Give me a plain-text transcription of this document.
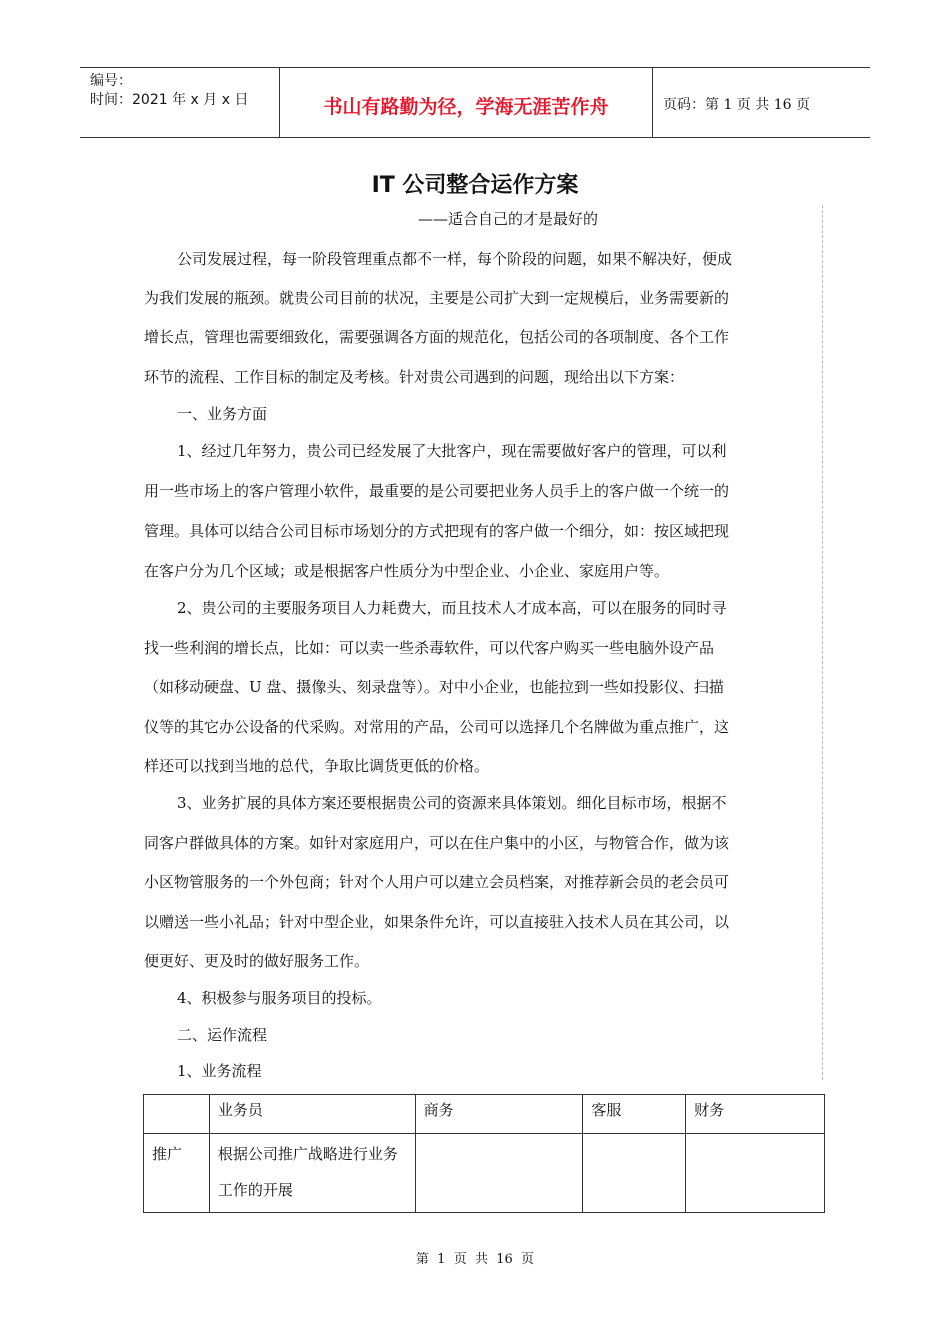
编号：
时间：2021 年 x 月 x 日	书山有路勤为径，学海无涯苦作舟	页码：第 1 页 共 16 页
IT 公司整合运作方案
——适合自己的才是最好的
公司发展过程，每一阶段管理重点都不一样，每个阶段的问题，如果不解决好，便成
为我们发展的瓶颈。就贵公司目前的状况，主要是公司扩大到一定规模后，业务需要新的
增长点，管理也需要细致化，需要强调各方面的规范化，包括公司的各项制度、各个工作
环节的流程、工作目标的制定及考核。针对贵公司遇到的问题，现给出以下方案：
一、业务方面
1、经过几年努力，贵公司已经发展了大批客户，现在需要做好客户的管理，可以利
用一些市场上的客户管理小软件，最重要的是公司要把业务人员手上的客户做一个统一的
管理。具体可以结合公司目标市场划分的方式把现有的客户做一个细分，如：按区域把现
在客户分为几个区域；或是根据客户性质分为中型企业、小企业、家庭用户等。
2、贵公司的主要服务项目人力耗费大，而且技术人才成本高，可以在服务的同时寻
找一些利润的增长点，比如：可以卖一些杀毒软件，可以代客户购买一些电脑外设产品
（如移动硬盘、U 盘、摄像头、刻录盘等）。对中小企业，也能拉到一些如投影仪、扫描
仪等的其它办公设备的代采购。对常用的产品，公司可以选择几个名牌做为重点推广，这
样还可以找到当地的总代，争取比调货更低的价格。
3、业务扩展的具体方案还要根据贵公司的资源来具体策划。细化目标市场，根据不
同客户群做具体的方案。如针对家庭用户，可以在住户集中的小区，与物管合作，做为该
小区物管服务的一个外包商；针对个人用户可以建立会员档案，对推荐新会员的老会员可
以赠送一些小礼品；针对中型企业，如果条件允许，可以直接驻入技术人员在其公司，以
便更好、更及时的做好服务工作。
4、积极参与服务项目的投标。
二、运作流程
1、业务流程
	业务员	商务	客服	财务
推广	根据公司推广战略进行业务工作的开展			
第  1  页  共  16  页
